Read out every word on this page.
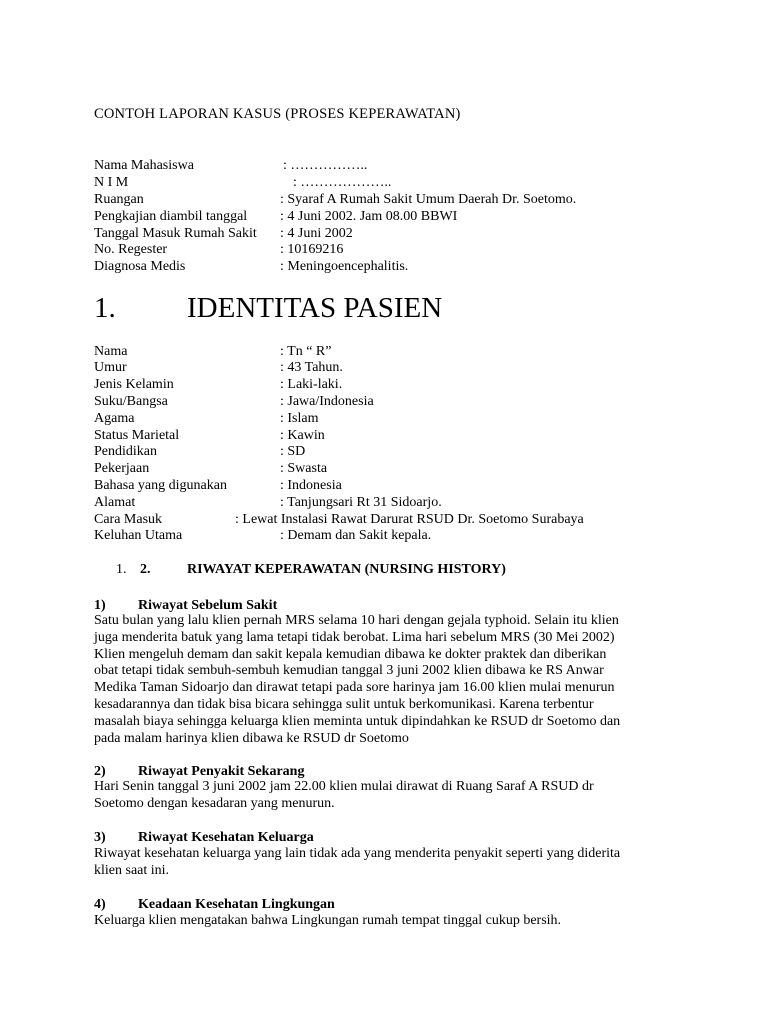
CONTOH LAPORAN KASUS (PROSES KEPERAWATAN)
Nama Mahasiswa	: ……………..
N I M	: ………………..
Ruangan	: Syaraf A Rumah Sakit Umum Daerah Dr. Soetomo.
Pengkajian diambil tanggal : 4 Juni 2002. Jam 08.00 BBWI
Tanggal Masuk Rumah Sakit : 4 Juni 2002
No. Regester	: 10169216
Diagnosa Medis	: Meningoencephalitis.
1. IDENTITAS PASIEN
Nama	: Tn “ R”
Umur	: 43 Tahun.
Jenis Kelamin	: Laki-laki.
Suku/Bangsa	: Jawa/Indonesia
Agama	: Islam
Status Marietal	: Kawin
Pendidikan	: SD
Pekerjaan	: Swasta
Bahasa yang digunakan	: Indonesia
Alamat	: Tanjungsari Rt 31 Sidoarjo.
Cara Masuk	: Lewat Instalasi Rawat Darurat RSUD Dr. Soetomo Surabaya
Keluhan Utama	: Demam dan Sakit kepala.
1. 2.	RIWAYAT KEPERAWATAN (NURSING HISTORY)
1) Riwayat Sebelum Sakit
Satu bulan yang lalu klien pernah MRS selama 10 hari dengan gejala typhoid. Selain itu klien
juga menderita batuk yang lama tetapi tidak berobat. Lima hari sebelum MRS (30 Mei 2002)
Klien mengeluh demam dan sakit kepala kemudian dibawa ke dokter praktek dan diberikan
obat tetapi tidak sembuh-sembuh kemudian tanggal 3 juni 2002 klien dibawa ke RS Anwar
Medika Taman Sidoarjo dan dirawat tetapi pada sore harinya jam 16.00 klien mulai menurun
kesadarannya dan tidak bisa bicara sehingga sulit untuk berkomunikasi. Karena terbentur
masalah biaya sehingga keluarga klien meminta untuk dipindahkan ke RSUD dr Soetomo dan
pada malam harinya klien dibawa ke RSUD dr Soetomo
2) Riwayat Penyakit Sekarang
Hari Senin tanggal 3 juni 2002 jam 22.00 klien mulai dirawat di Ruang Saraf A RSUD dr
Soetomo dengan kesadaran yang menurun.
3) Riwayat Kesehatan Keluarga
Riwayat kesehatan keluarga yang lain tidak ada yang menderita penyakit seperti yang diderita
klien saat ini.
4) Keadaan Kesehatan Lingkungan
Keluarga klien mengatakan bahwa Lingkungan rumah tempat tinggal cukup bersih.
